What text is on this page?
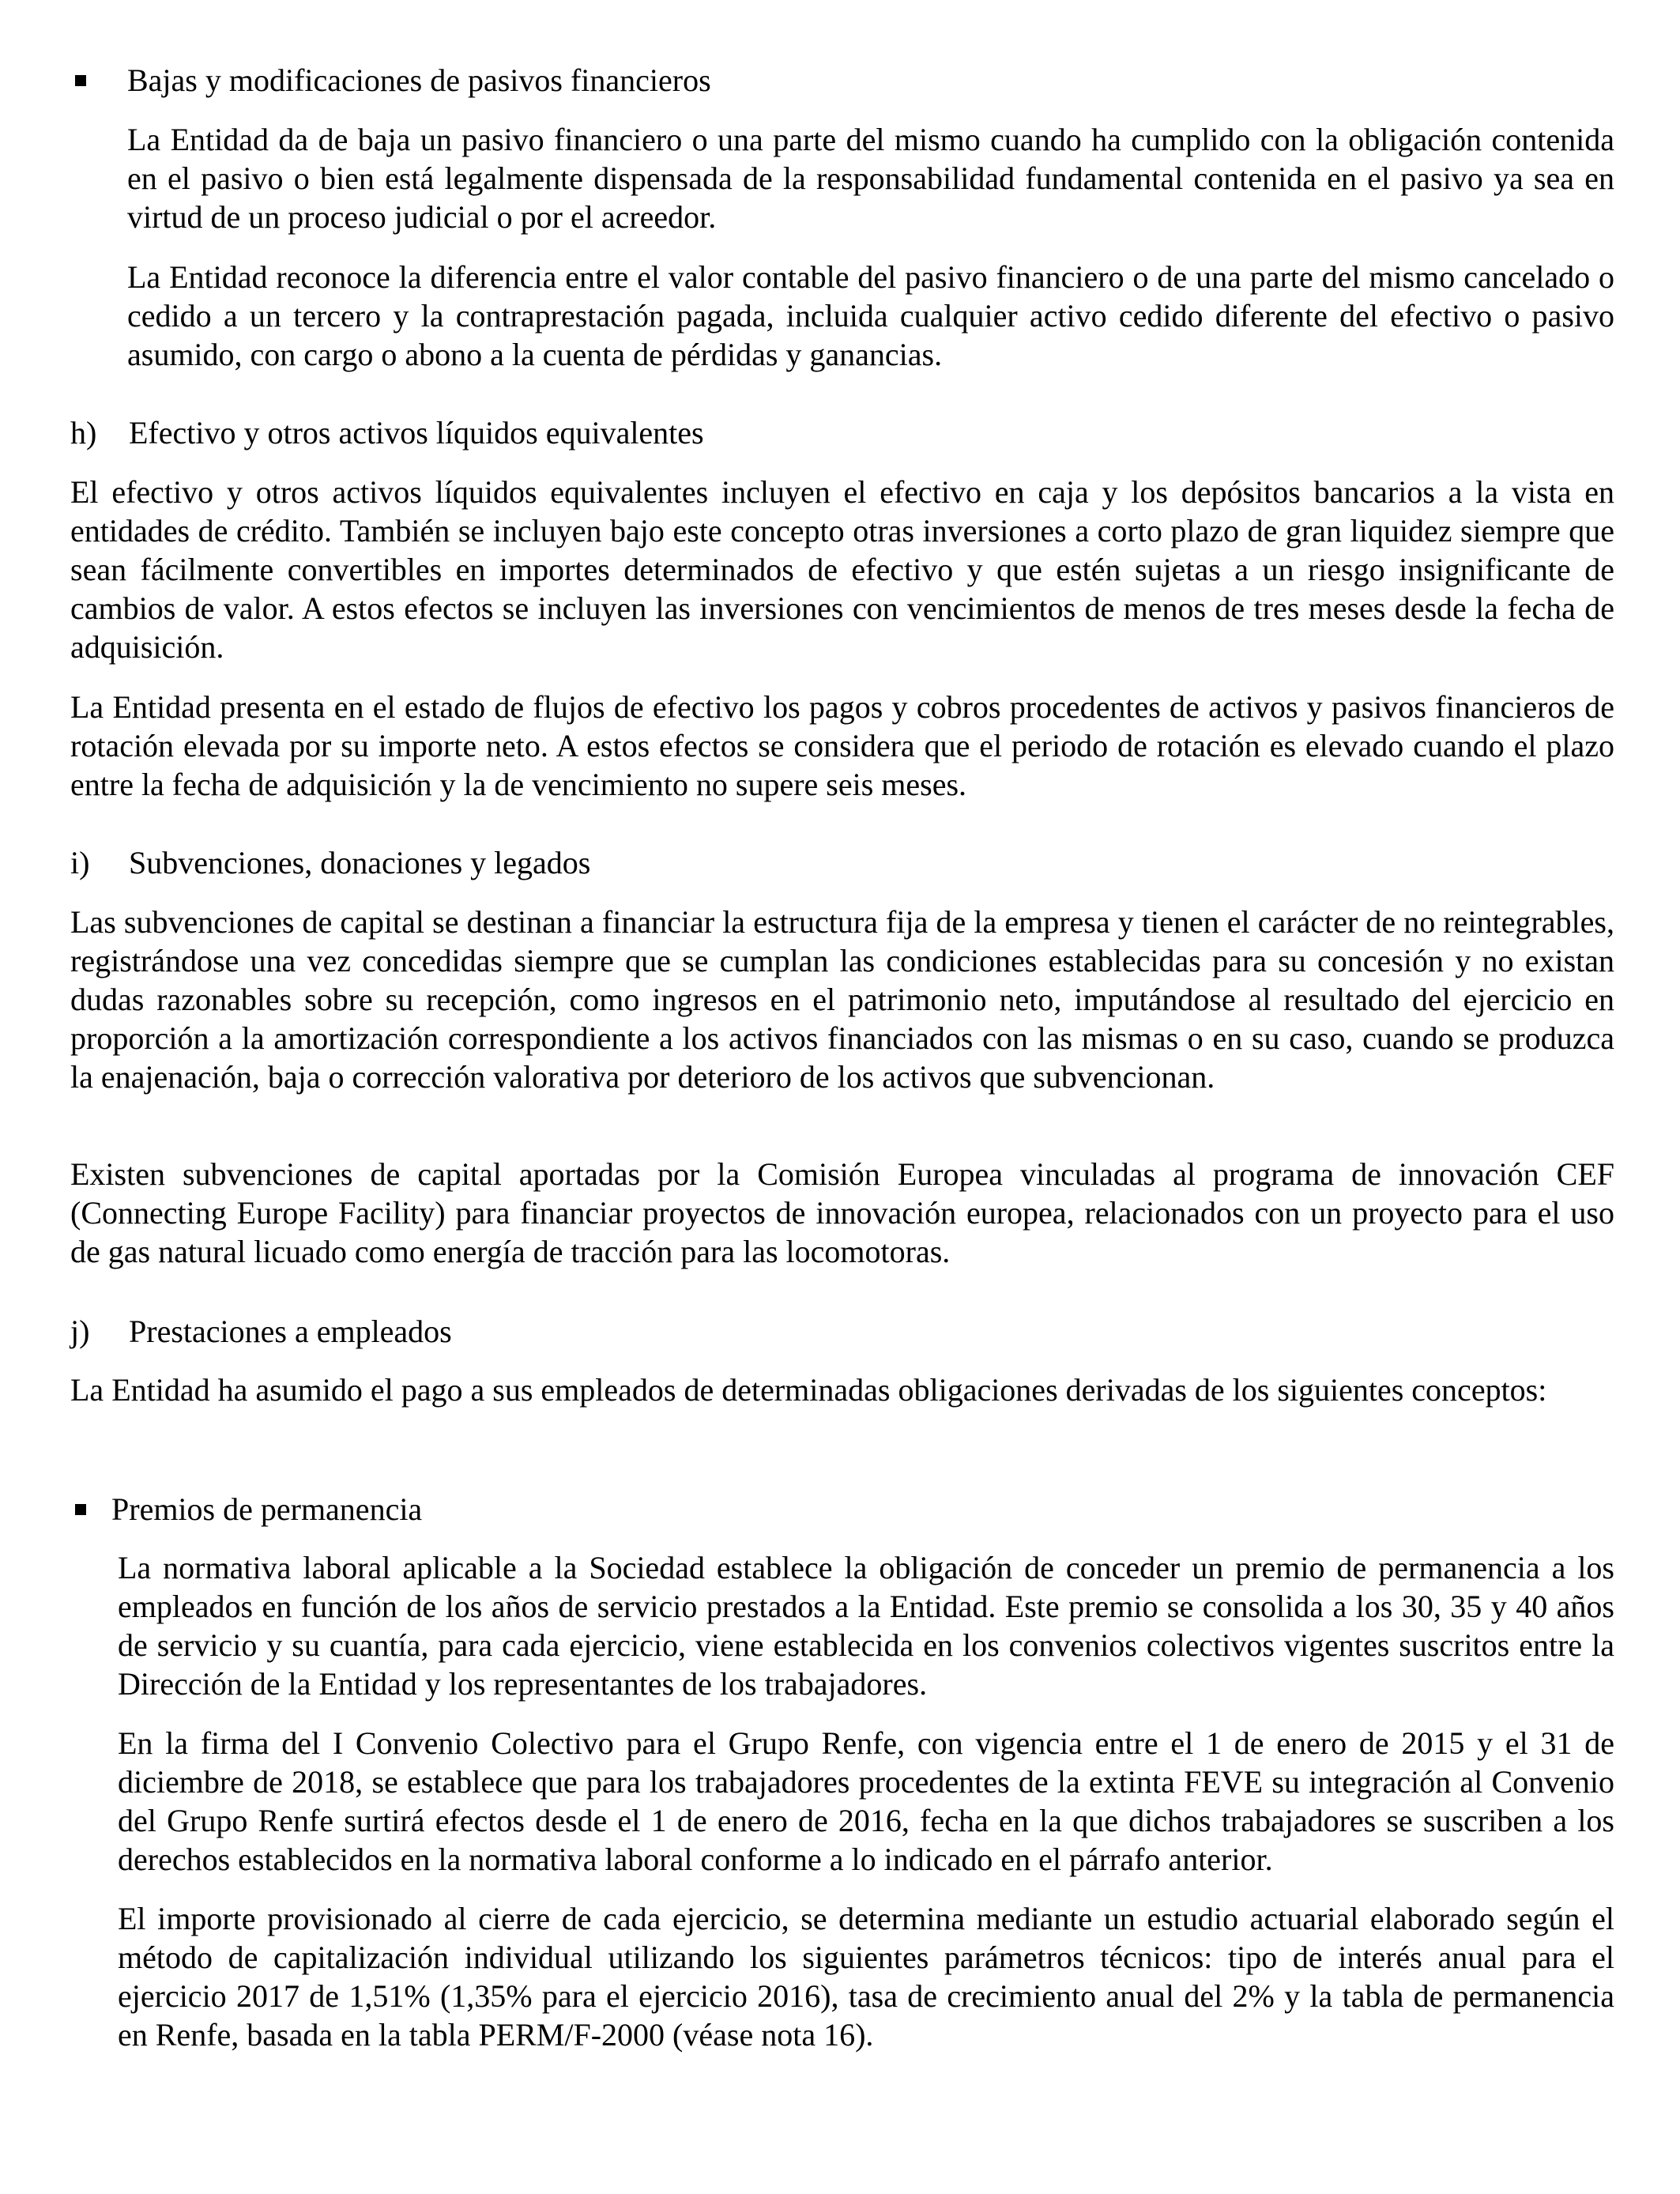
Bajas y modificaciones de pasivos financieros

La Entidad da de baja un pasivo financiero o una parte del mismo cuando ha cumplido con la obligación contenida en el pasivo o bien está legalmente dispensada de la responsabilidad fundamental contenida en el pasivo ya sea en virtud de un proceso judicial o por el acreedor.

La Entidad reconoce la diferencia entre el valor contable del pasivo financiero o de una parte del mismo cancelado o cedido a un tercero y la contraprestación pagada, incluida cualquier activo cedido diferente del efectivo o pasivo asumido, con cargo o abono a la cuenta de pérdidas y ganancias.

h) Efectivo y otros activos líquidos equivalentes

El efectivo y otros activos líquidos equivalentes incluyen el efectivo en caja y los depósitos bancarios a la vista en entidades de crédito. También se incluyen bajo este concepto otras inversiones a corto plazo de gran liquidez siempre que sean fácilmente convertibles en importes determinados de efectivo y que estén sujetas a un riesgo insignificante de cambios de valor. A estos efectos se incluyen las inversiones con vencimientos de menos de tres meses desde la fecha de adquisición.

La Entidad presenta en el estado de flujos de efectivo los pagos y cobros procedentes de activos y pasivos financieros de rotación elevada por su importe neto. A estos efectos se considera que el periodo de rotación es elevado cuando el plazo entre la fecha de adquisición y la de vencimiento no supere seis meses.

i) Subvenciones, donaciones y legados

Las subvenciones de capital se destinan a financiar la estructura fija de la empresa y tienen el carácter de no reintegrables, registrándose una vez concedidas siempre que se cumplan las condiciones establecidas para su concesión y no existan dudas razonables sobre su recepción, como ingresos en el patrimonio neto, imputándose al resultado del ejercicio en proporción a la amortización correspondiente a los activos financiados con las mismas o en su caso, cuando se produzca la enajenación, baja o corrección valorativa por deterioro de los activos que subvencionan.

Existen subvenciones de capital aportadas por la Comisión Europea vinculadas al programa de innovación CEF (Connecting Europe Facility) para financiar proyectos de innovación europea, relacionados con un proyecto para el uso de gas natural licuado como energía de tracción para las locomotoras.

j) Prestaciones a empleados

La Entidad ha asumido el pago a sus empleados de determinadas obligaciones derivadas de los siguientes conceptos:

Premios de permanencia

La normativa laboral aplicable a la Sociedad establece la obligación de conceder un premio de permanencia a los empleados en función de los años de servicio prestados a la Entidad. Este premio se consolida a los 30, 35 y 40 años de servicio y su cuantía, para cada ejercicio, viene establecida en los convenios colectivos vigentes suscritos entre la Dirección de la Entidad y los representantes de los trabajadores.

En la firma del I Convenio Colectivo para el Grupo Renfe, con vigencia entre el 1 de enero de 2015 y el 31 de diciembre de 2018, se establece que para los trabajadores procedentes de la extinta FEVE su integración al Convenio del Grupo Renfe surtirá efectos desde el 1 de enero de 2016, fecha en la que dichos trabajadores se suscriben a los derechos establecidos en la normativa laboral conforme a lo indicado en el párrafo anterior.

El importe provisionado al cierre de cada ejercicio, se determina mediante un estudio actuarial elaborado según el método de capitalización individual utilizando los siguientes parámetros técnicos: tipo de interés anual para el ejercicio 2017 de 1,51% (1,35% para el ejercicio 2016), tasa de crecimiento anual del 2% y la tabla de permanencia en Renfe, basada en la tabla PERM/F-2000 (véase nota 16).
